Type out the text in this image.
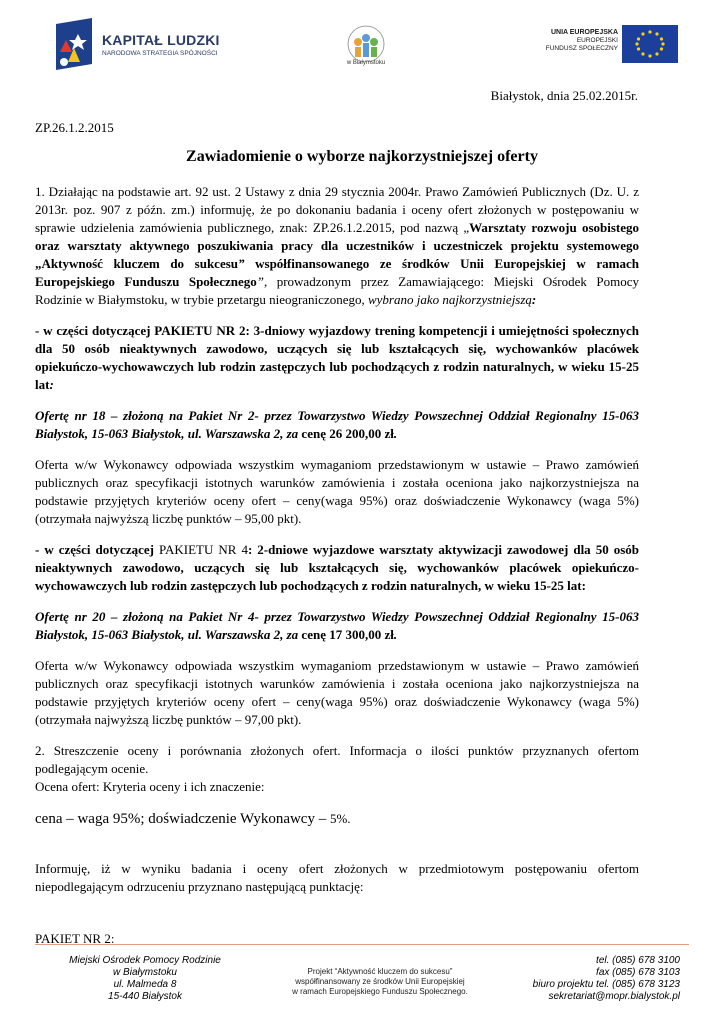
KAPITAŁ LUDZKI
NARODOWA STRATEGIA SPÓJNOŚCI
w Białymstoku
UNIA EUROPEJSKA
EUROPEJSKI
FUNDUSZ SPOŁECZNY
Białystok, dnia 25.02.2015r.
ZP.26.1.2.2015
Zawiadomienie o wyborze najkorzystniejszej oferty

1. Działając na podstawie art. 92 ust. 2 Ustawy z dnia 29 stycznia 2004r. Prawo Zamówień Publicznych (Dz. U. z 2013r. poz. 907 z późn. zm.) informuję, że po dokonaniu badania i oceny ofert złożonych w postępowaniu w sprawie udzielenia zamówienia publicznego, znak: ZP.26.1.2.2015, pod nazwą „Warsztaty rozwoju osobistego oraz warsztaty aktywnego poszukiwania pracy dla uczestników i uczestniczek projektu systemowego „Aktywność kluczem do sukcesu” współfinansowanego ze środków Unii Europejskiej w ramach Europejskiego Funduszu Społecznego”, prowadzonym przez Zamawiającego: Miejski Ośrodek Pomocy Rodzinie w Białymstoku, w trybie przetargu nieograniczonego, wybrano jako najkorzystniejszą:

- w części dotyczącej PAKIETU NR 2: 3-dniowy wyjazdowy trening kompetencji i umiejętności społecznych dla 50 osób nieaktywnych zawodowo, uczących się lub kształcących się, wychowanków placówek opiekuńczo-wychowawczych lub rodzin zastępczych lub pochodzących z rodzin naturalnych, w wieku 15-25 lat:

Ofertę nr 18 – złożoną na Pakiet Nr 2- przez Towarzystwo Wiedzy Powszechnej Oddział Regionalny 15-063 Białystok, 15-063 Białystok, ul. Warszawska 2, za cenę 26 200,00 zł.

Oferta w/w Wykonawcy odpowiada wszystkim wymaganiom przedstawionym w ustawie – Prawo zamówień publicznych oraz specyfikacji istotnych warunków zamówienia i została oceniona jako najkorzystniejsza na podstawie przyjętych kryteriów oceny ofert – ceny(waga 95%) oraz doświadczenie Wykonawcy (waga 5%) (otrzymała najwyższą liczbę punktów – 95,00 pkt).

- w części dotyczącej PAKIETU NR 4: 2-dniowe wyjazdowe warsztaty aktywizacji zawodowej dla 50 osób nieaktywnych zawodowo, uczących się lub kształcących się, wychowanków placówek opiekuńczo-wychowawczych lub rodzin zastępczych lub pochodzących z rodzin naturalnych, w wieku 15-25 lat:

Ofertę nr 20 – złożoną na Pakiet Nr 4- przez Towarzystwo Wiedzy Powszechnej Oddział Regionalny 15-063 Białystok, 15-063 Białystok, ul. Warszawska 2, za cenę 17 300,00 zł.

Oferta w/w Wykonawcy odpowiada wszystkim wymaganiom przedstawionym w ustawie – Prawo zamówień publicznych oraz specyfikacji istotnych warunków zamówienia i została oceniona jako najkorzystniejsza na podstawie przyjętych kryteriów oceny ofert – ceny(waga 95%) oraz doświadczenie Wykonawcy (waga 5%) (otrzymała najwyższą liczbę punktów – 97,00 pkt).

2. Streszczenie oceny i porównania złożonych ofert. Informacja o ilości punktów przyznanych ofertom podlegającym ocenie.

Ocena ofert: Kryteria oceny i ich znaczenie:

cena – waga 95%; doświadczenie Wykonawcy – 5%.

Informuję, iż w wyniku badania i oceny ofert złożonych w przedmiotowym postępowaniu ofertom niepodlegającym odrzuceniu przyznano następującą punktację:

PAKIET NR 2:

Miejski Ośrodek Pomocy Rodzinie
w Białymstoku
ul. Malmeda 8
15-440 Białystok
Projekt “Aktywność kluczem do sukcesu”
współfinansowany ze środków Unii Europejskiej
w ramach Europejskiego Funduszu Społecznego.
tel. (085) 678 3100
fax (085) 678 3103
biuro projektu tel. (085) 678 3123
sekretariat@mopr.bialystok.pl
